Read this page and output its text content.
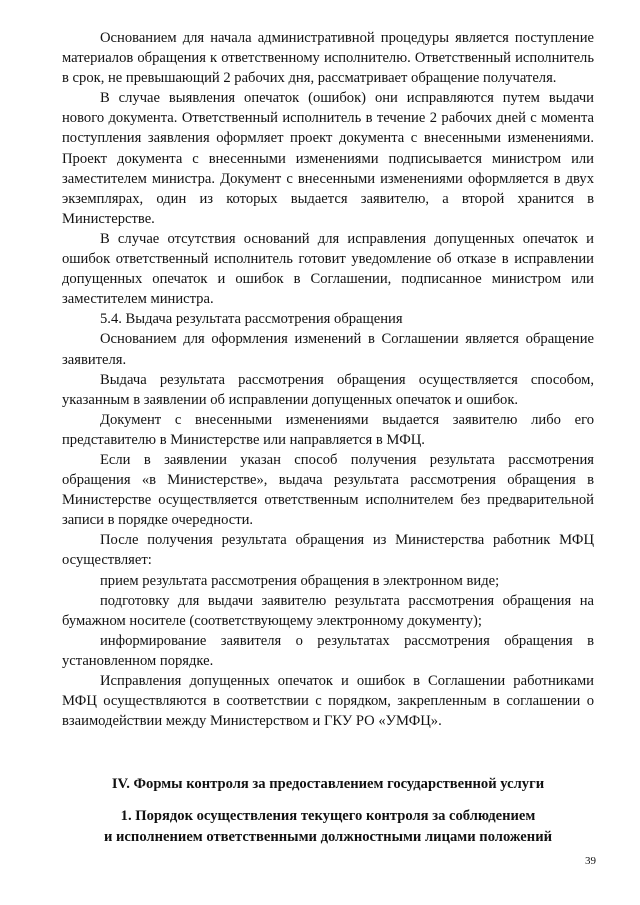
Основанием для начала административной процедуры является поступление материалов обращения к ответственному исполнителю. Ответственный исполнитель в срок, не превышающий 2 рабочих дня, рассматривает обращение получателя.

В случае выявления опечаток (ошибок) они исправляются путем выдачи нового документа. Ответственный исполнитель в течение 2 рабочих дней с момента поступления заявления оформляет проект документа с внесенными изменениями. Проект документа с внесенными изменениями подписывается министром или заместителем министра. Документ с внесенными изменениями оформляется в двух экземплярах, один из которых выдается заявителю, а второй хранится в Министерстве.

В случае отсутствия оснований для исправления допущенных опечаток и ошибок ответственный исполнитель готовит уведомление об отказе в исправлении допущенных опечаток и ошибок в Соглашении, подписанное министром или заместителем министра.

5.4. Выдача результата рассмотрения обращения

Основанием для оформления изменений в Соглашении является обращение заявителя.

Выдача результата рассмотрения обращения осуществляется способом, указанным в заявлении об исправлении допущенных опечаток и ошибок.

Документ с внесенными изменениями выдается заявителю либо его представителю в Министерстве или направляется в МФЦ.

Если в заявлении указан способ получения результата рассмотрения обращения «в Министерстве», выдача результата рассмотрения обращения в Министерстве осуществляется ответственным исполнителем без предварительной записи в порядке очередности.

После получения результата обращения из Министерства работник МФЦ осуществляет:

прием результата рассмотрения обращения в электронном виде;

подготовку для выдачи заявителю результата рассмотрения обращения на бумажном носителе (соответствующему электронному документу);

информирование заявителя о результатах рассмотрения обращения в установленном порядке.

Исправления допущенных опечаток и ошибок в Соглашении работниками МФЦ осуществляются в соответствии с порядком, закрепленным в соглашении о взаимодействии между Министерством и ГКУ РО «УМФЦ».

IV. Формы контроля за предоставлением государственной услуги
1. Порядок осуществления текущего контроля за соблюдением
и исполнением ответственными должностными лицами положений
39
